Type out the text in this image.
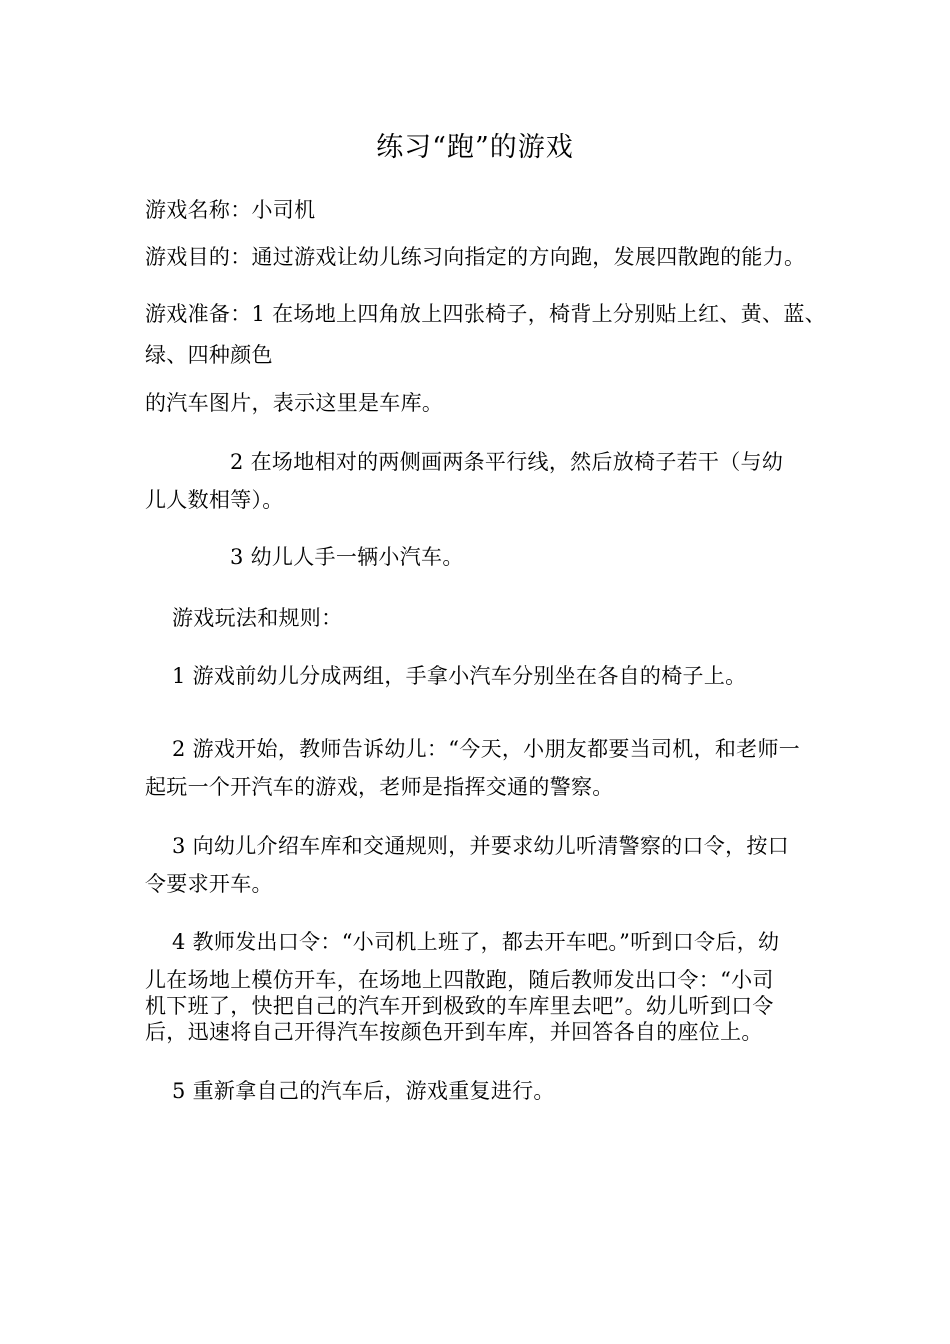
练习“跑”的游戏
游戏名称：小司机
游戏目的：通过游戏让幼儿练习向指定的方向跑，发展四散跑的能力。
游戏准备：1 在场地上四角放上四张椅子，椅背上分别贴上红、黄、蓝、
绿、四种颜色
的汽车图片，表示这里是车库。
2 在场地相对的两侧画两条平行线，然后放椅子若干（与幼
儿人数相等）。
3 幼儿人手一辆小汽车。
游戏玩法和规则：
1 游戏前幼儿分成两组，手拿小汽车分别坐在各自的椅子上。
2 游戏开始，教师告诉幼儿：“今天，小朋友都要当司机，和老师一
起玩一个开汽车的游戏，老师是指挥交通的警察。
3 向幼儿介绍车库和交通规则，并要求幼儿听清警察的口令，按口
令要求开车。
4 教师发出口令：“小司机上班了，都去开车吧。”听到口令后，幼
儿在场地上模仿开车，在场地上四散跑，随后教师发出口令：“小司
机下班了，快把自己的汽车开到极致的车库里去吧”。幼儿听到口令
后，迅速将自己开得汽车按颜色开到车库，并回答各自的座位上。
5 重新拿自己的汽车后，游戏重复进行。
